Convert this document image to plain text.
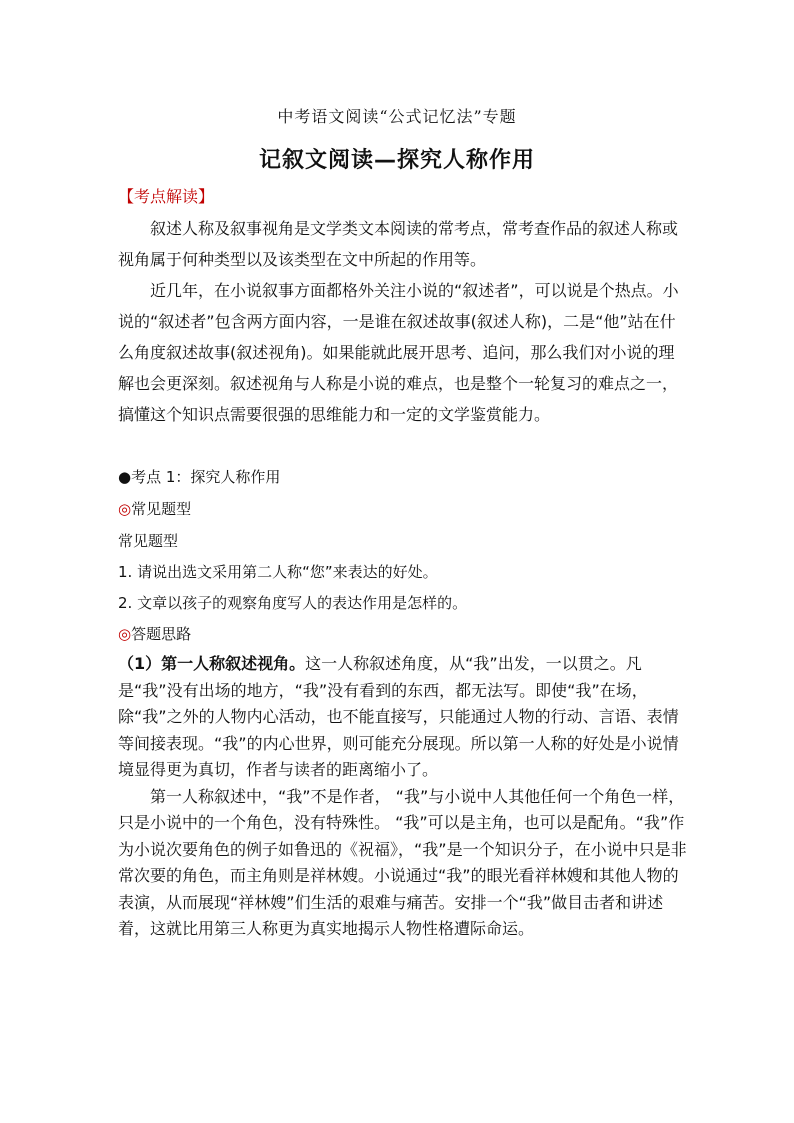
中考语文阅读“公式记忆法”专题
记叙文阅读—探究人称作用
【考点解读】

叙述人称及叙事视角是文学类文本阅读的常考点，常考查作品的叙述人称或视角属于何种类型以及该类型在文中所起的作用等。

近几年，在小说叙事方面都格外关注小说的“叙述者”，可以说是个热点。小说的“叙述者”包含两方面内容，一是谁在叙述故事(叙述人称)，二是“他”站在什么角度叙述故事(叙述视角)。如果能就此展开思考、追问，那么我们对小说的理解也会更深刻。叙述视角与人称是小说的难点，也是整个一轮复习的难点之一，搞懂这个知识点需要很强的思维能力和一定的文学鉴赏能力。

●考点 1：探究人称作用
◎常见题型
常见题型
1. 请说出选文采用第二人称“您”来表达的好处。
2. 文章以孩子的观察角度写人的表达作用是怎样的。
◎答题思路

（1）第一人称叙述视角。这一人称叙述角度，从“我”出发，一以贯之。凡是“我”没有出场的地方，“我”没有看到的东西，都无法写。即使“我”在场，除“我”之外的人物内心活动，也不能直接写，只能通过人物的行动、言语、表情等间接表现。“我”的内心世界，则可能充分展现。所以第一人称的好处是小说情境显得更为真切，作者与读者的距离缩小了。

第一人称叙述中，“我”不是作者， “我”与小说中人其他任何一个角色一样，只是小说中的一个角色，没有特殊性。 “我”可以是主角，也可以是配角。“我”作为小说次要角色的例子如鲁迅的《祝福》，“我”是一个知识分子，在小说中只是非常次要的角色，而主角则是祥林嫂。小说通过“我”的眼光看祥林嫂和其他人物的表演，从而展现“祥林嫂”们生活的艰难与痛苦。安排一个“我”做目击者和讲述着，这就比用第三人称更为真实地揭示人物性格遭际命运。
